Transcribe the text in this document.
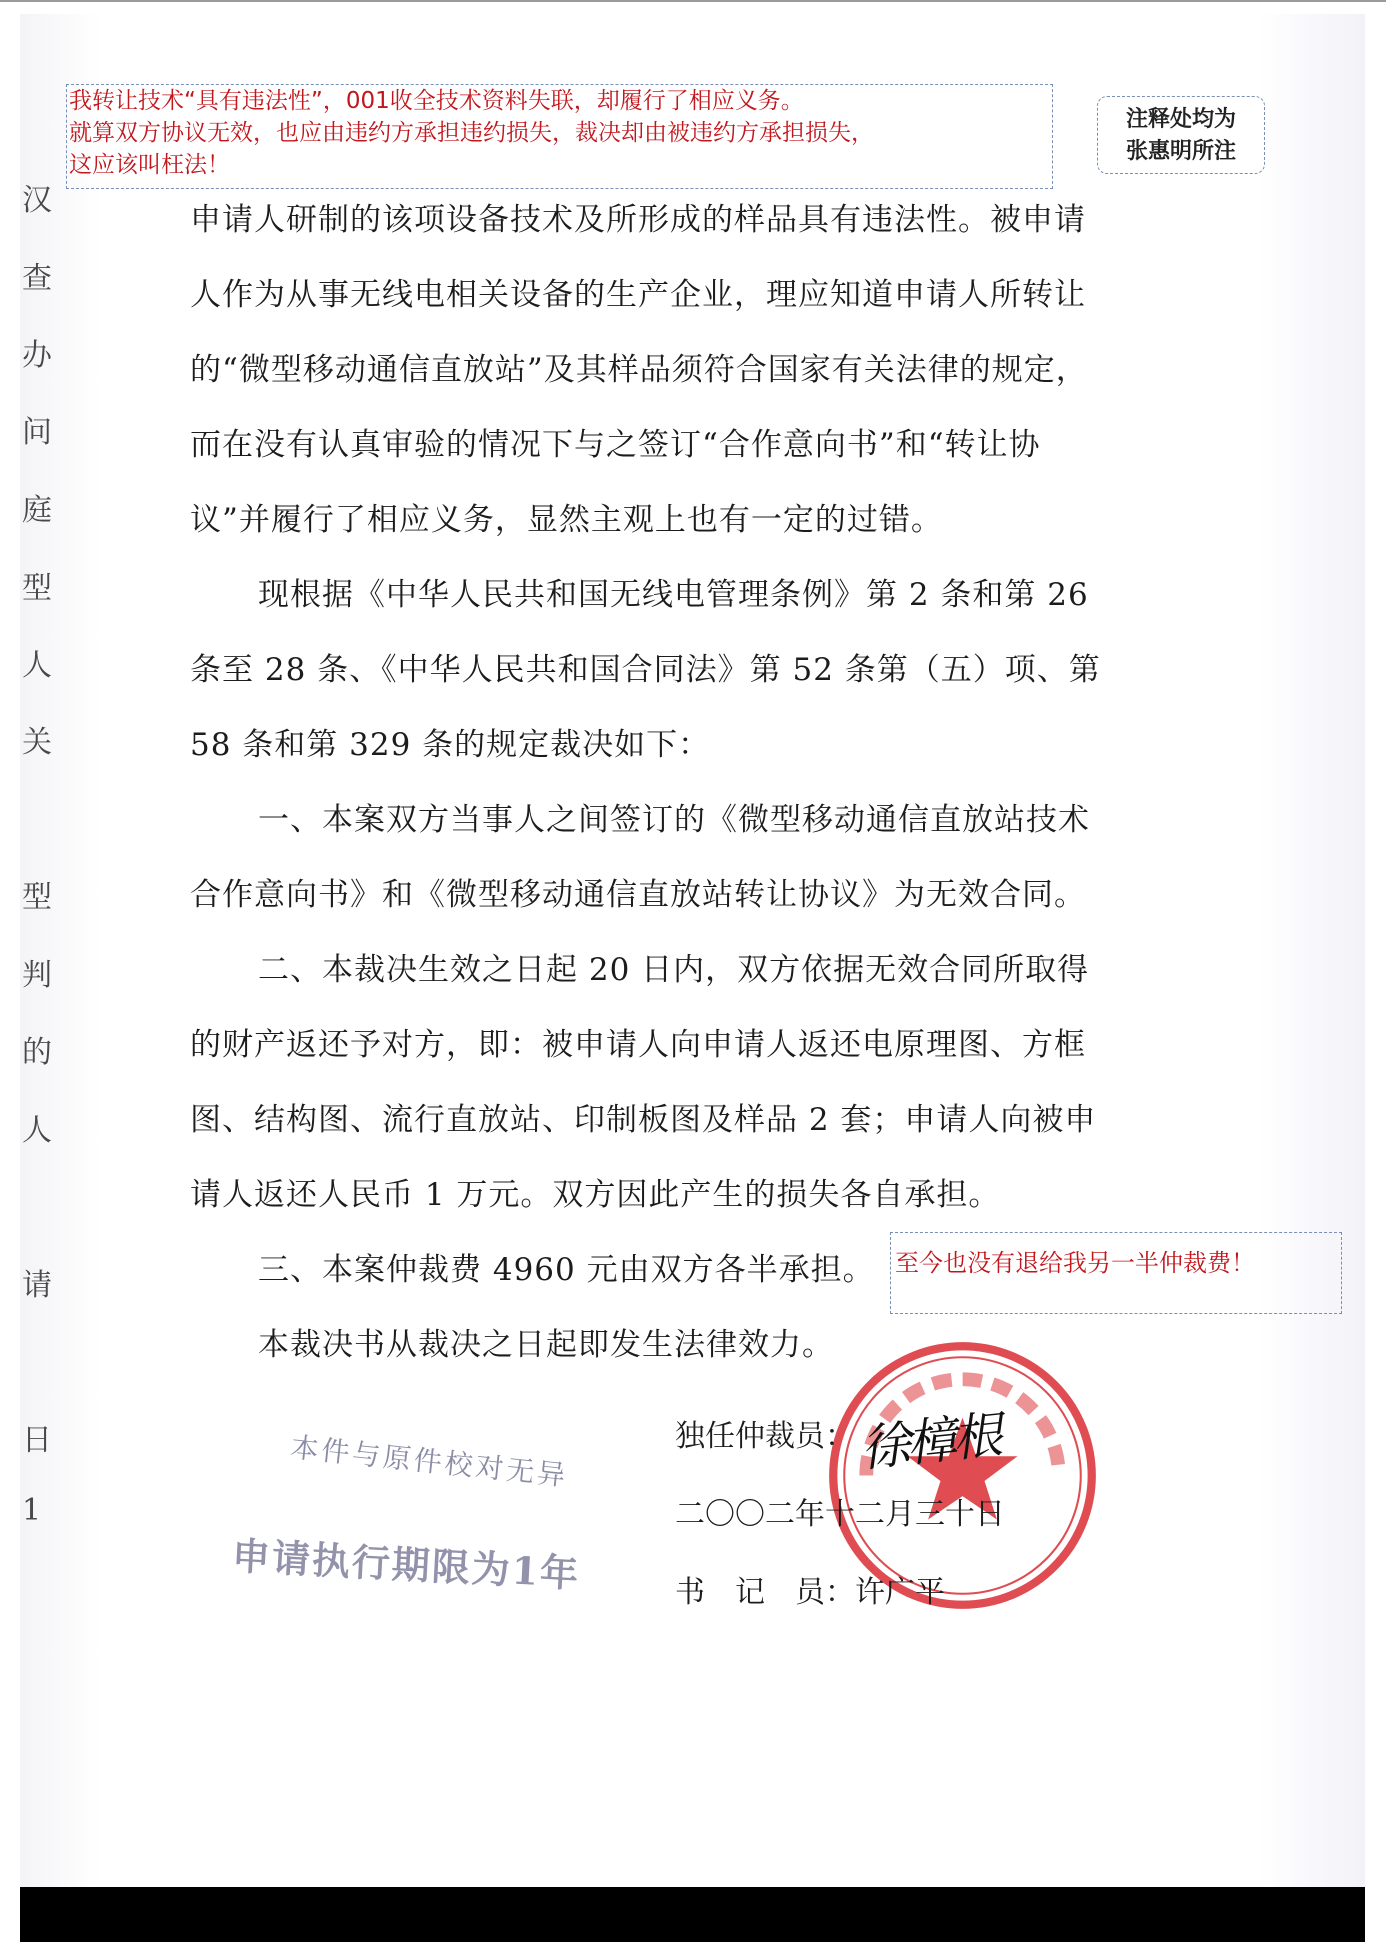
汉
查
办
问
庭
型
人
关
型
判
的
人
请
日
1
我转让技术“具有违法性”，001收全技术资料失联，却履行了相应义务。
就算双方协议无效，也应由违约方承担违约损失，裁决却由被违约方承担损失，
这应该叫枉法！
注释处均为
张惠明所注

申请人研制的该项设备技术及所形成的样品具有违法性。被申请

人作为从事无线电相关设备的生产企业，理应知道申请人所转让

的“微型移动通信直放站”及其样品须符合国家有关法律的规定，

而在没有认真审验的情况下与之签订“合作意向书”和“转让协

议”并履行了相应义务，显然主观上也有一定的过错。

现根据《中华人民共和国无线电管理条例》第 2 条和第 26

条至 28 条、《中华人民共和国合同法》第 52 条第（五）项、第

58 条和第 329 条的规定裁决如下：

一、本案双方当事人之间签订的《微型移动通信直放站技术

合作意向书》和《微型移动通信直放站转让协议》为无效合同。

二、本裁决生效之日起 20 日内，双方依据无效合同所取得

的财产返还予对方，即：被申请人向申请人返还电原理图、方框

图、结构图、流行直放站、印制板图及样品 2 套；申请人向被申

请人返还人民币 1 万元。双方因此产生的损失各自承担。

三、本案仲裁费 4960 元由双方各半承担。

本裁决书从裁决之日起即发生法律效力。

至今也没有退给我另一半仲裁费！
本件与原件校对无异
申请执行期限为1年
独任仲裁员：
二〇〇二年十二月三十日
书　记　员：许广平
徐樟根
